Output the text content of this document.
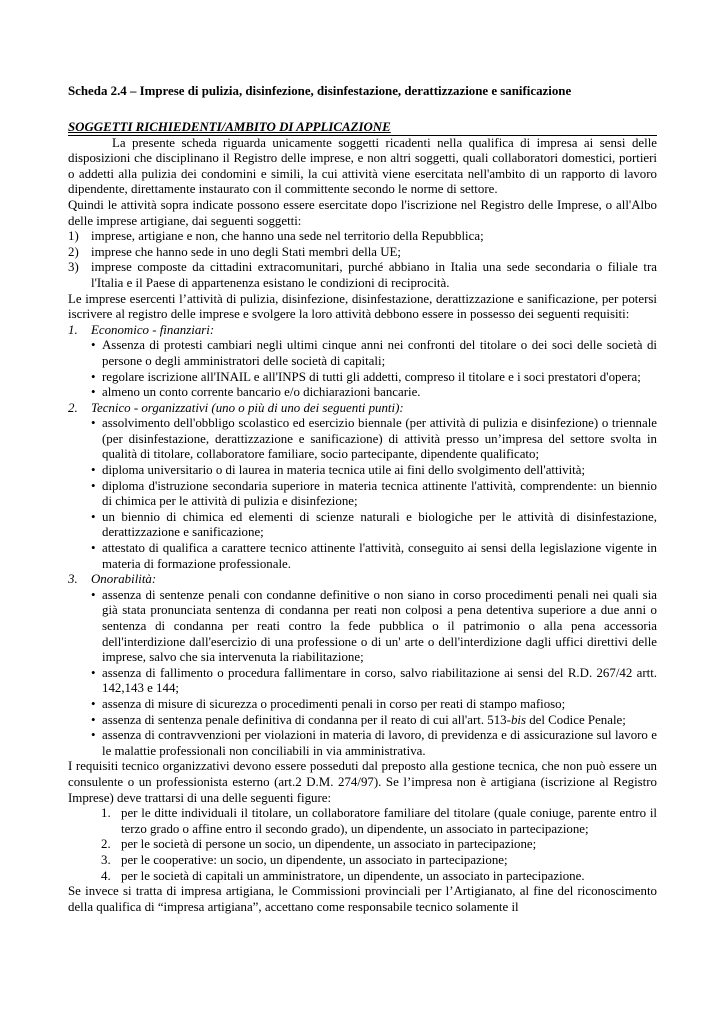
Scheda 2.4 – Imprese di pulizia, disinfezione, disinfestazione, derattizzazione e sanificazione

SOGGETTI RICHIEDENTI/AMBITO DI APPLICAZIONE

La presente scheda riguarda unicamente soggetti ricadenti nella qualifica di impresa ai sensi delle disposizioni che disciplinano il Registro delle imprese, e non altri soggetti, quali collaboratori domestici, portieri o addetti alla pulizia dei condomini e simili, la cui attività viene esercitata nell'ambito di un rapporto di lavoro dipendente, direttamente instaurato con il committente secondo le norme di settore.

Quindi le attività sopra indicate possono essere esercitate dopo l'iscrizione nel Registro delle Imprese, o all'Albo delle imprese artigiane, dai seguenti soggetti:

1) imprese, artigiane e non, che hanno una sede nel territorio della Repubblica;
2) imprese che hanno sede in uno degli Stati membri della UE;
3) imprese composte da cittadini extracomunitari, purché abbiano in Italia una sede secondaria o filiale tra l'Italia e il Paese di appartenenza esistano le condizioni di reciprocità.

Le imprese esercenti l’attività di pulizia, disinfezione, disinfestazione, derattizzazione e sanificazione, per potersi iscrivere al registro delle imprese e svolgere la loro attività debbono essere in possesso dei seguenti requisiti:

1. Economico - finanziari:
• Assenza di protesti cambiari negli ultimi cinque anni nei confronti del titolare o dei soci delle società di persone o degli amministratori delle società di capitali;
• regolare iscrizione all'INAIL e all'INPS di tutti gli addetti, compreso il titolare e i soci prestatori d'opera;
• almeno un conto corrente bancario e/o dichiarazioni bancarie.
2. Tecnico - organizzativi (uno o più di uno dei seguenti punti):
• assolvimento dell'obbligo scolastico ed esercizio biennale (per attività di pulizia e disinfezione) o triennale (per disinfestazione, derattizzazione e sanificazione) di attività presso un’impresa del settore svolta in qualità di titolare, collaboratore familiare, socio partecipante, dipendente qualificato;
• diploma universitario o di laurea in materia tecnica utile ai fini dello svolgimento dell'attività;
• diploma d'istruzione secondaria superiore in materia tecnica attinente l'attività, comprendente: un biennio di chimica per le attività di pulizia e disinfezione;
• un biennio di chimica ed elementi di scienze naturali e biologiche per le attività di disinfestazione, derattizzazione e sanificazione;
• attestato di qualifica a carattere tecnico attinente l'attività, conseguito ai sensi della legislazione vigente in materia di formazione professionale.
3. Onorabilità:
• assenza di sentenze penali con condanne definitive o non siano in corso procedimenti penali nei quali sia già stata pronunciata sentenza di condanna per reati non colposi a pena detentiva superiore a due anni o sentenza di condanna per reati contro la fede pubblica o il patrimonio o alla pena accessoria dell'interdizione dall'esercizio di una professione o di un' arte o dell'interdizione dagli uffici direttivi delle imprese, salvo che sia intervenuta la riabilitazione;
• assenza di fallimento o procedura fallimentare in corso, salvo riabilitazione ai sensi del R.D. 267/42 artt. 142,143 e 144;
• assenza di misure di sicurezza o procedimenti penali in corso per reati di stampo mafioso;
• assenza di sentenza penale definitiva di condanna per il reato di cui all'art. 513-bis del Codice Penale;
• assenza di contravvenzioni per violazioni in materia di lavoro, di previdenza e di assicurazione sul lavoro e le malattie professionali non conciliabili in via amministrativa.

I requisiti tecnico organizzativi devono essere posseduti dal preposto alla gestione tecnica, che non può essere un consulente o un professionista esterno (art.2 D.M. 274/97). Se l’impresa non è artigiana (iscrizione al Registro Imprese) deve trattarsi di una delle seguenti figure:

1. per le ditte individuali il titolare, un collaboratore familiare del titolare (quale coniuge, parente entro il terzo grado o affine entro il secondo grado), un dipendente, un associato in partecipazione;
2. per le società di persone un socio, un dipendente, un associato in partecipazione;
3. per le cooperative: un socio, un dipendente, un associato in partecipazione;
4. per le società di capitali un amministratore, un dipendente, un associato in partecipazione.

Se invece si tratta di impresa artigiana, le Commissioni provinciali per l’Artigianato, al fine del riconoscimento della qualifica di “impresa artigiana”, accettano come responsabile tecnico solamente il
